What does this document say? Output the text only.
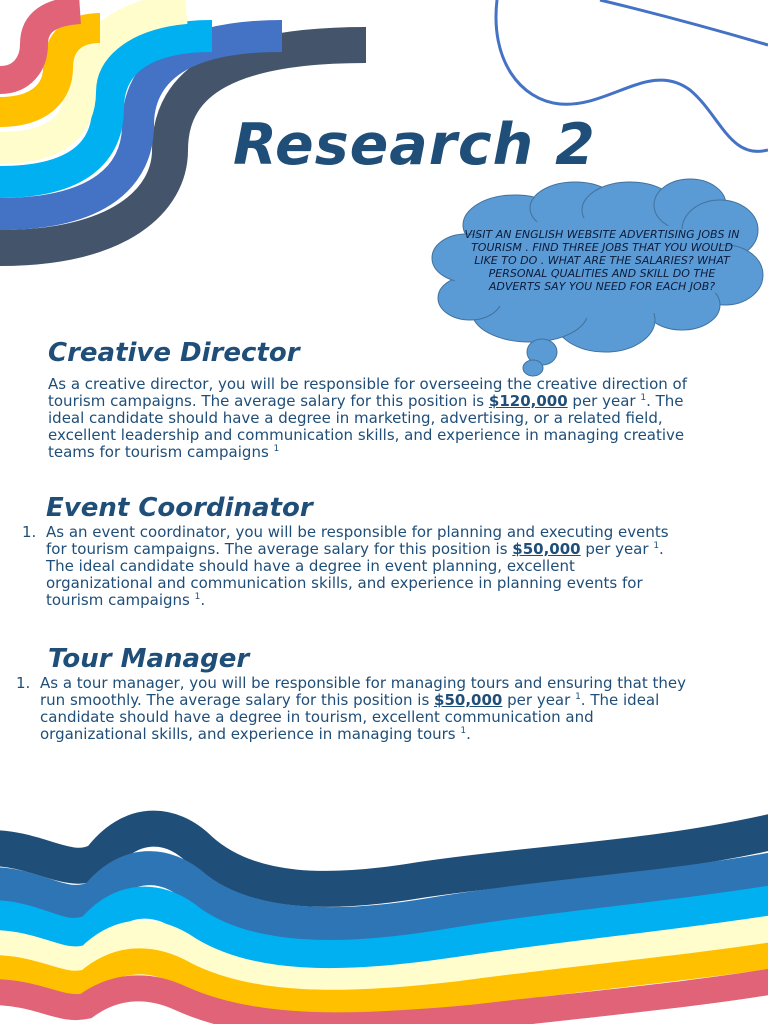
Research 2
VISIT AN ENGLISH WEBSITE ADVERTISING JOBS IN TOURISM . FIND THREE JOBS THAT YOU WOULD LIKE TO DO . WHAT ARE THE SALARIES? WHAT PERSONAL QUALITIES AND SKILL DO THE ADVERTS SAY YOU NEED FOR EACH JOB?
Creative Director
As a creative director, you will be responsible for overseeing the creative direction of tourism campaigns. The average salary for this position is $120,000 per year $^1$. The ideal candidate should have a degree in marketing, advertising, or a related field, excellent leadership and communication skills, and experience in managing creative teams for tourism campaigns $^1$
Event Coordinator
1. As an event coordinator, you will be responsible for planning and executing events for tourism campaigns. The average salary for this position is $50,000 per year $^1$. The ideal candidate should have a degree in event planning, excellent organizational and communication skills, and experience in planning events for tourism campaigns $^1$.
Tour Manager
1. As a tour manager, you will be responsible for managing tours and ensuring that they run smoothly. The average salary for this position is $50,000 per year $^1$. The ideal candidate should have a degree in tourism, excellent communication and organizational skills, and experience in managing tours $^1$.
